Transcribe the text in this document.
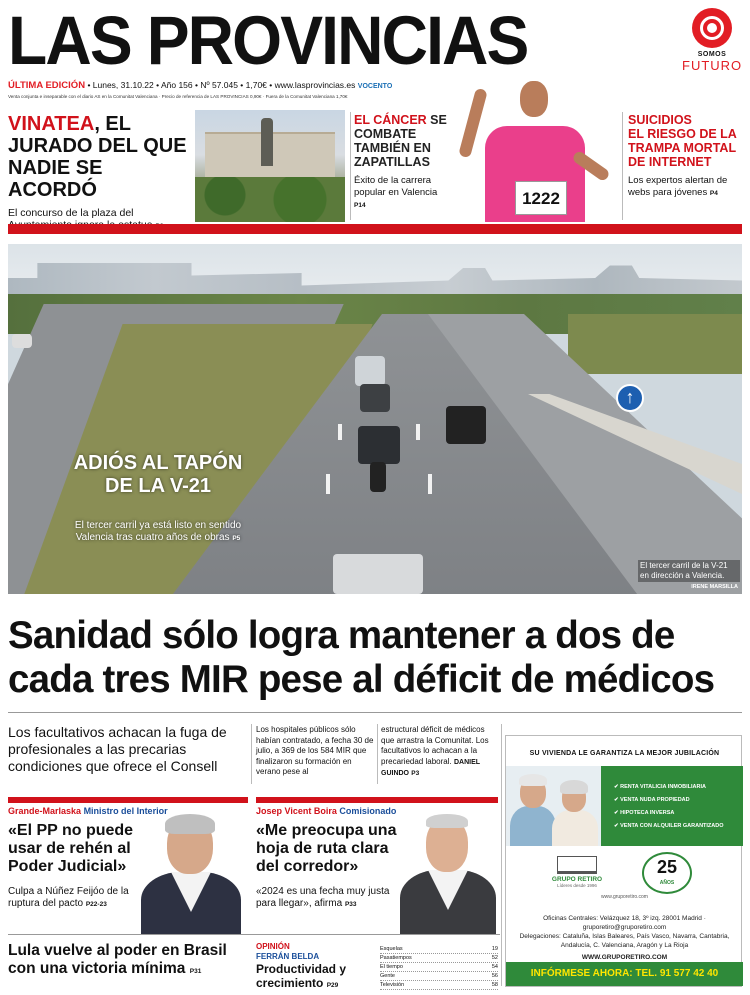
LAS PROVINCIAS	SOMOS
FUTURO
ÚLTIMA EDICIÓN • Lunes, 31.10.22 • Año 156 • Nº 57.045 • 1,70€ • www.lasprovincias.es VOCENTO
Venta conjunta e inseparable con el diario AS en la Comunitat Valenciana · Precio de referencia de LAS PROVINCIAS 0,90€ · Fuera de la Comunitat Valenciana 1,70€
VINATEA, EL JURADO DEL QUE NADIE SE ACORDÓ
El concurso de la plaza del
EL CÁNCER SE COMBATE TAMBIÉN EN ZAPATILLAS
Éxito de la carrera popular en Valencia P14	1222
SUICIDIOS
EL RIESGO DE LA TRAMPA MORTAL DE INTERNET
Los expertos alertan de webs para jóvenes P4
↑
ADIÓS AL TAPÓN DE LA V-21
El tercer carril ya está listo en sentido Valencia tras cuatro años de obras P5
El tercer carril de la V-21 en dirección a Valencia.
IRENE MARSILLA
Sanidad sólo logra mantener a dos de cada tres MIR pese al déficit de médicos
Los facultativos achacan la fuga de profesionales a las precarias condiciones que ofrece el Consell
Los hospitales públicos sólo habían contratado, a fecha 30 de julio, a 369 de los 584 MIR que finalizaron su formación en verano pese al
estructural déficit de médicos que arrastra la Comunitat. Los facultativos lo achacan a la precariedad laboral. DANIEL GUINDO P3
Grande-Marlaska Ministro del Interior
«El PP no puede usar de rehén al Poder Judicial»
Culpa a Núñez Feijóo de la ruptura del pacto P22-23
Josep Vicent Boira Comisionado
«Me preocupa una hoja de ruta clara del corredor»
«2024 es una fecha muy justa para llegar», afirma P33
Lula vuelve al poder en Brasil con una victoria mínima P31
OPINIÓN
FERRÁN BELDA
Productividad y crecimiento P29
Esquelas	19
Pasatiempos	52
El tiempo	54
Gente	56
Televisión	58
SU VIVIENDA LE GARANTIZA LA MEJOR JUBILACIÓN
✔ RENTA VITALICIA INMOBILIARIA
✔ VENTA NUDA PROPIEDAD
✔ HIPOTECA INVERSA
✔ VENTA CON ALQUILER GARANTIZADO
GRUPO RETIRO
Líderes desde 1996
25
AÑOS
www.gruporetiro.com
Oficinas Centrales: Velázquez 18, 3º izq. 28001 Madrid · gruporetiro@gruporetiro.com
Delegaciones: Cataluña, Islas Baleares, País Vasco, Navarra, Cantabria, Andalucía, C. Valenciana, Aragón y La Rioja
WWW.GRUPORETIRO.COM
INFÓRMESE AHORA: TEL. 91 577 42 40
